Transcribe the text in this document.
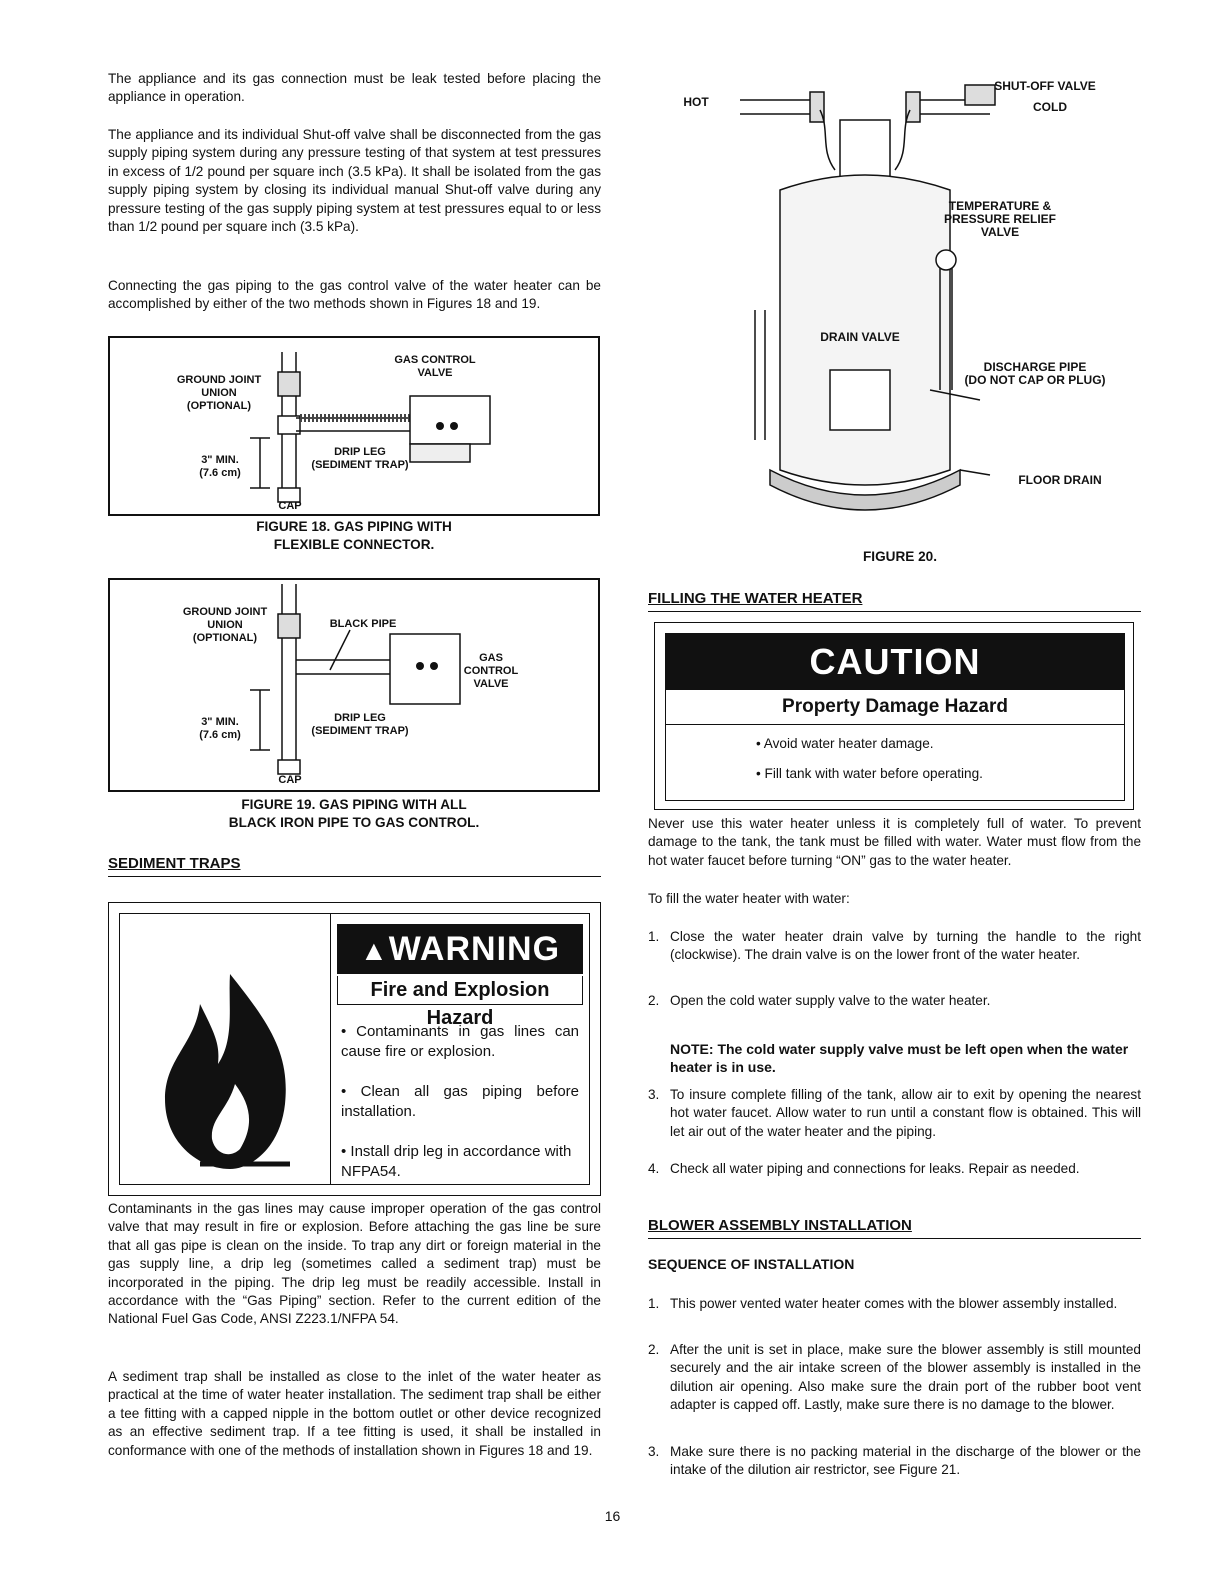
The appliance and its gas connection must be leak tested before placing the appliance in operation.

The appliance and its individual Shut-off valve shall be disconnected from the gas supply piping system during any pressure testing of that system at test pressures in excess of 1/2 pound per square inch (3.5 kPa). It shall be isolated from the gas supply piping system by closing its individual manual Shut-off valve during any pressure testing of the gas supply piping system at test pressures equal to or less than 1/2 pound per square inch (3.5 kPa).

Connecting the gas piping to the gas control valve of the water heater can be accomplished by either of the two methods shown in Figures 18 and 19.

GROUND JOINT
UNION
(OPTIONAL)
GAS CONTROL
VALVE
3" MIN.
(7.6 cm)
DRIP LEG
(SEDIMENT TRAP)
CAP
FIGURE 18. GAS PIPING WITH
FLEXIBLE CONNECTOR.
GROUND JOINT
UNION
(OPTIONAL)
BLACK PIPE
GAS
CONTROL
VALVE
3" MIN.
(7.6 cm)
DRIP LEG
(SEDIMENT TRAP)
CAP
FIGURE 19. GAS PIPING WITH ALL
BLACK IRON PIPE TO GAS CONTROL.
SEDIMENT TRAPS
▲WARNING
Fire and Explosion Hazard
• Contaminants in gas lines can cause fire or explosion.
• Clean all gas piping before installation.
• Install drip leg in accordance with NFPA54.

Contaminants in the gas lines may cause improper operation of the gas control valve that may result in fire or explosion. Before attaching the gas line be sure that all gas pipe is clean on the inside. To trap any dirt or foreign material in the gas supply line, a drip leg (sometimes called a sediment trap) must be incorporated in the piping. The drip leg must be readily accessible. Install in accordance with the “Gas Piping” section. Refer to the current edition of the National Fuel Gas Code, ANSI Z223.1/NFPA 54.

A sediment trap shall be installed as close to the inlet of the water heater as practical at the time of water heater installation. The sediment trap shall be either a tee fitting with a capped nipple in the bottom outlet or other device recognized as an effective sediment trap. If a tee fitting is used, it shall be installed in conformance with one of the methods of installation shown in Figures 18 and 19.

HOT
SHUT-OFF VALVE
COLD
TEMPERATURE &
PRESSURE RELIEF
VALVE
DRAIN VALVE
DISCHARGE PIPE
(DO NOT CAP OR PLUG)
FLOOR DRAIN
FIGURE 20.
FILLING THE WATER HEATER
CAUTION
Property Damage Hazard
• Avoid water heater damage.
• Fill tank with water before operating.

Never use this water heater unless it is completely full of water. To prevent damage to the tank, the tank must be filled with water. Water must flow from the hot water faucet before turning “ON” gas to the water heater.

To fill the water heater with water:

1. Close the water heater drain valve by turning the handle to the right (clockwise). The drain valve is on the lower front of the water heater.
2. Open the cold water supply valve to the water heater.
NOTE: The cold water supply valve must be left open when the water heater is in use.
3. To insure complete filling of the tank, allow air to exit by opening the nearest hot water faucet. Allow water to run until a constant flow is obtained. This will let air out of the water heater and the piping.
4. Check all water piping and connections for leaks. Repair as needed.
BLOWER ASSEMBLY INSTALLATION
SEQUENCE OF INSTALLATION
1. This power vented water heater comes with the blower assembly installed.
2. After the unit is set in place, make sure the blower assembly is still mounted securely and the air intake screen of the blower assembly is installed in the dilution air opening. Also make sure the drain port of the rubber boot vent adapter is capped off. Lastly, make sure there is no damage to the blower.
3. Make sure there is no packing material in the discharge of the blower or the intake of the dilution air restrictor, see Figure 21.
16
